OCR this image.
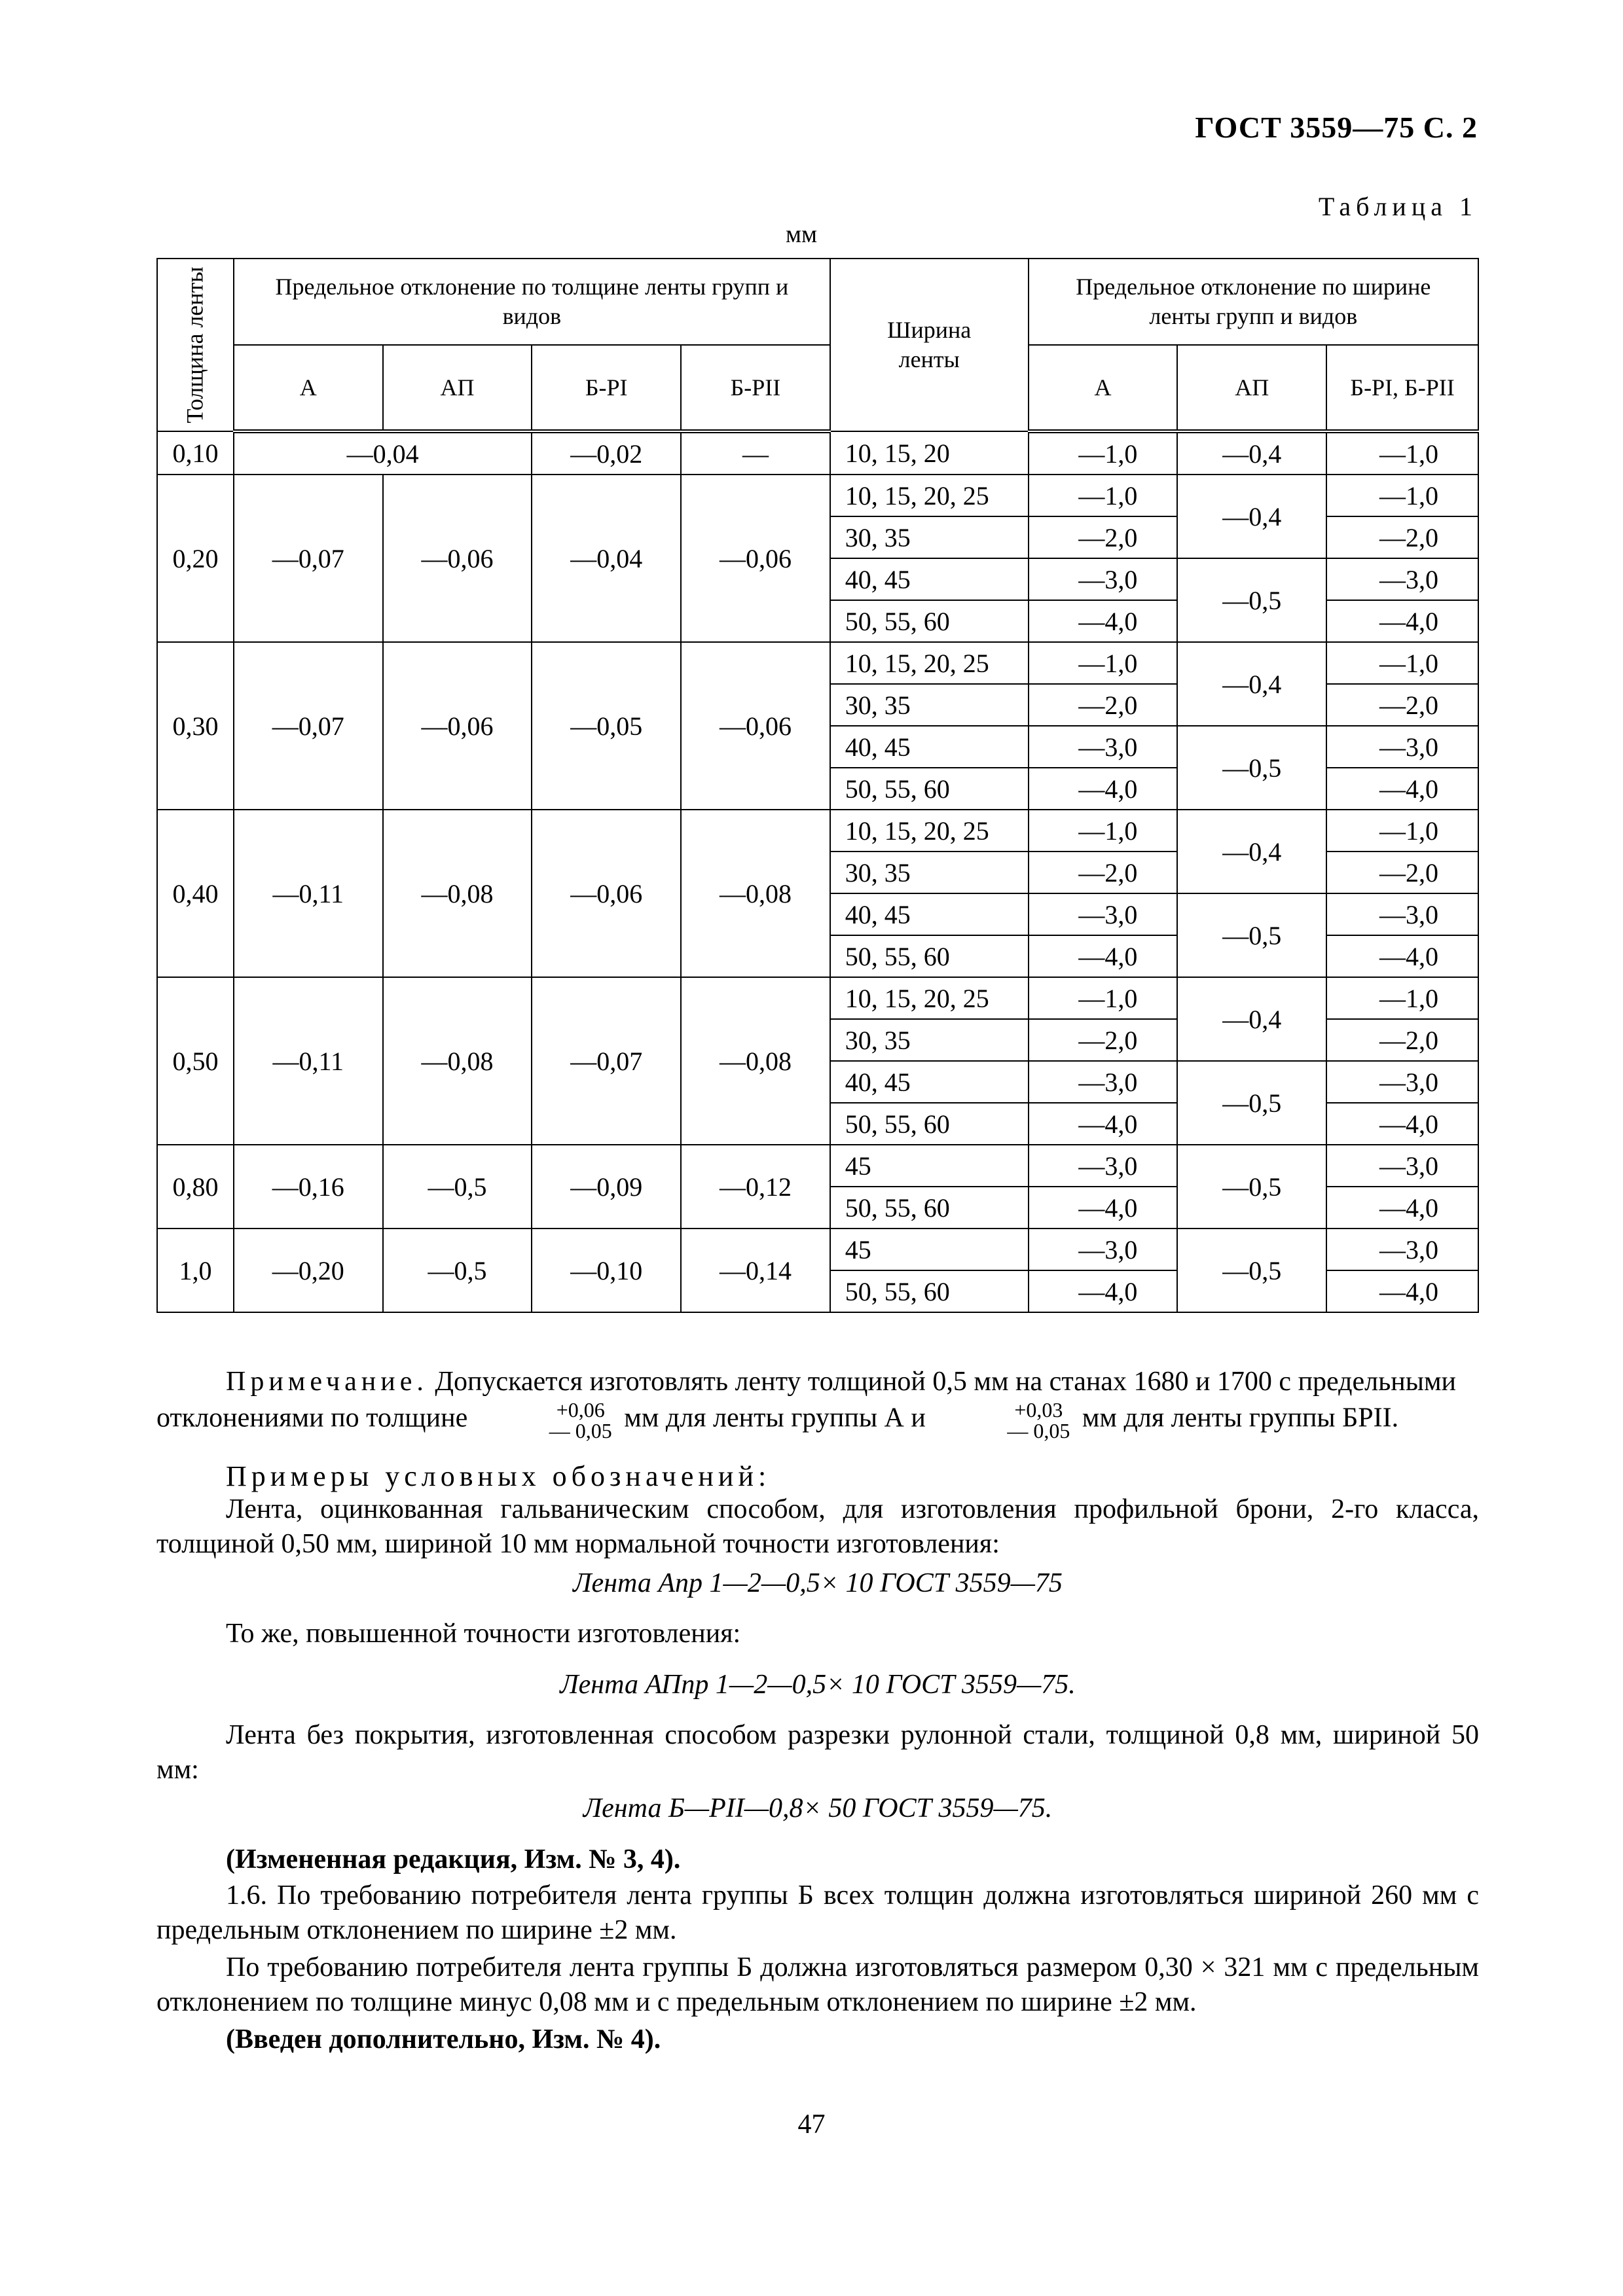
ГОСТ 3559—75 С. 2
Таблица 1
мм
Толщина ленты	Предельное отклонение по толщине ленты групп и видов				Ширина ленты	Предельное отклонение по ширине ленты групп и видов		
	А	АП	Б-РI	Б-РII		А	АП	Б-РI, Б-РII
0,10	—0,04		—0,02	—	10, 15, 20	—1,0	—0,4	—1,0
0,20	—0,07	—0,06	—0,04	—0,06	10, 15, 20, 25	—1,0	—0,4	—1,0
					30, 35	—2,0		—2,0
					40, 45	—3,0	—0,5	—3,0
					50, 55, 60	—4,0		—4,0
0,30	—0,07	—0,06	—0,05	—0,06	10, 15, 20, 25	—1,0	—0,4	—1,0
					30, 35	—2,0		—2,0
					40, 45	—3,0	—0,5	—3,0
					50, 55, 60	—4,0		—4,0
0,40	—0,11	—0,08	—0,06	—0,08	10, 15, 20, 25	—1,0	—0,4	—1,0
					30, 35	—2,0		—2,0
					40, 45	—3,0	—0,5	—3,0
					50, 55, 60	—4,0		—4,0
0,50	—0,11	—0,08	—0,07	—0,08	10, 15, 20, 25	—1,0	—0,4	—1,0
					30, 35	—2,0		—2,0
					40, 45	—3,0	—0,5	—3,0
					50, 55, 60	—4,0		—4,0
0,80	—0,16	—0,5	—0,09	—0,12	45	—3,0	—0,5	—3,0
					50, 55, 60	—4,0		—4,0
1,0	—0,20	—0,5	—0,10	—0,14	45	—3,0	—0,5	—3,0
					50, 55, 60	—4,0		—4,0
Примечание. Допускается изготовлять ленту толщиной 0,5 мм на станах 1680 и 1700 с предельными отклонениями по толщине	+0,06
— 0,05 мм для ленты группы А и	+0,03
— 0,05 мм для ленты группы БРII.
Примеры условных обозначений:
Лента, оцинкованная гальваническим способом, для изготовления профильной брони, 2-го класса, толщиной 0,50 мм, шириной 10 мм нормальной точности изготовления:
Лента Апр 1—2—0,5× 10 ГОСТ 3559—75
То же, повышенной точности изготовления:
Лента АПпр 1—2—0,5× 10 ГОСТ 3559—75.
Лента без покрытия, изготовленная способом разрезки рулонной стали, толщиной 0,8 мм, шириной 50 мм:
Лента Б—РII—0,8× 50 ГОСТ 3559—75.
(Измененная редакция, Изм. № 3, 4).
1.6. По требованию потребителя лента группы Б всех толщин должна изготовляться шириной 260 мм с предельным отклонением по ширине ±2 мм.
По требованию потребителя лента группы Б должна изготовляться размером 0,30 × 321 мм с предельным отклонением по толщине минус 0,08 мм и с предельным отклонением по ширине ±2 мм.
(Введен дополнительно, Изм. № 4).
47
